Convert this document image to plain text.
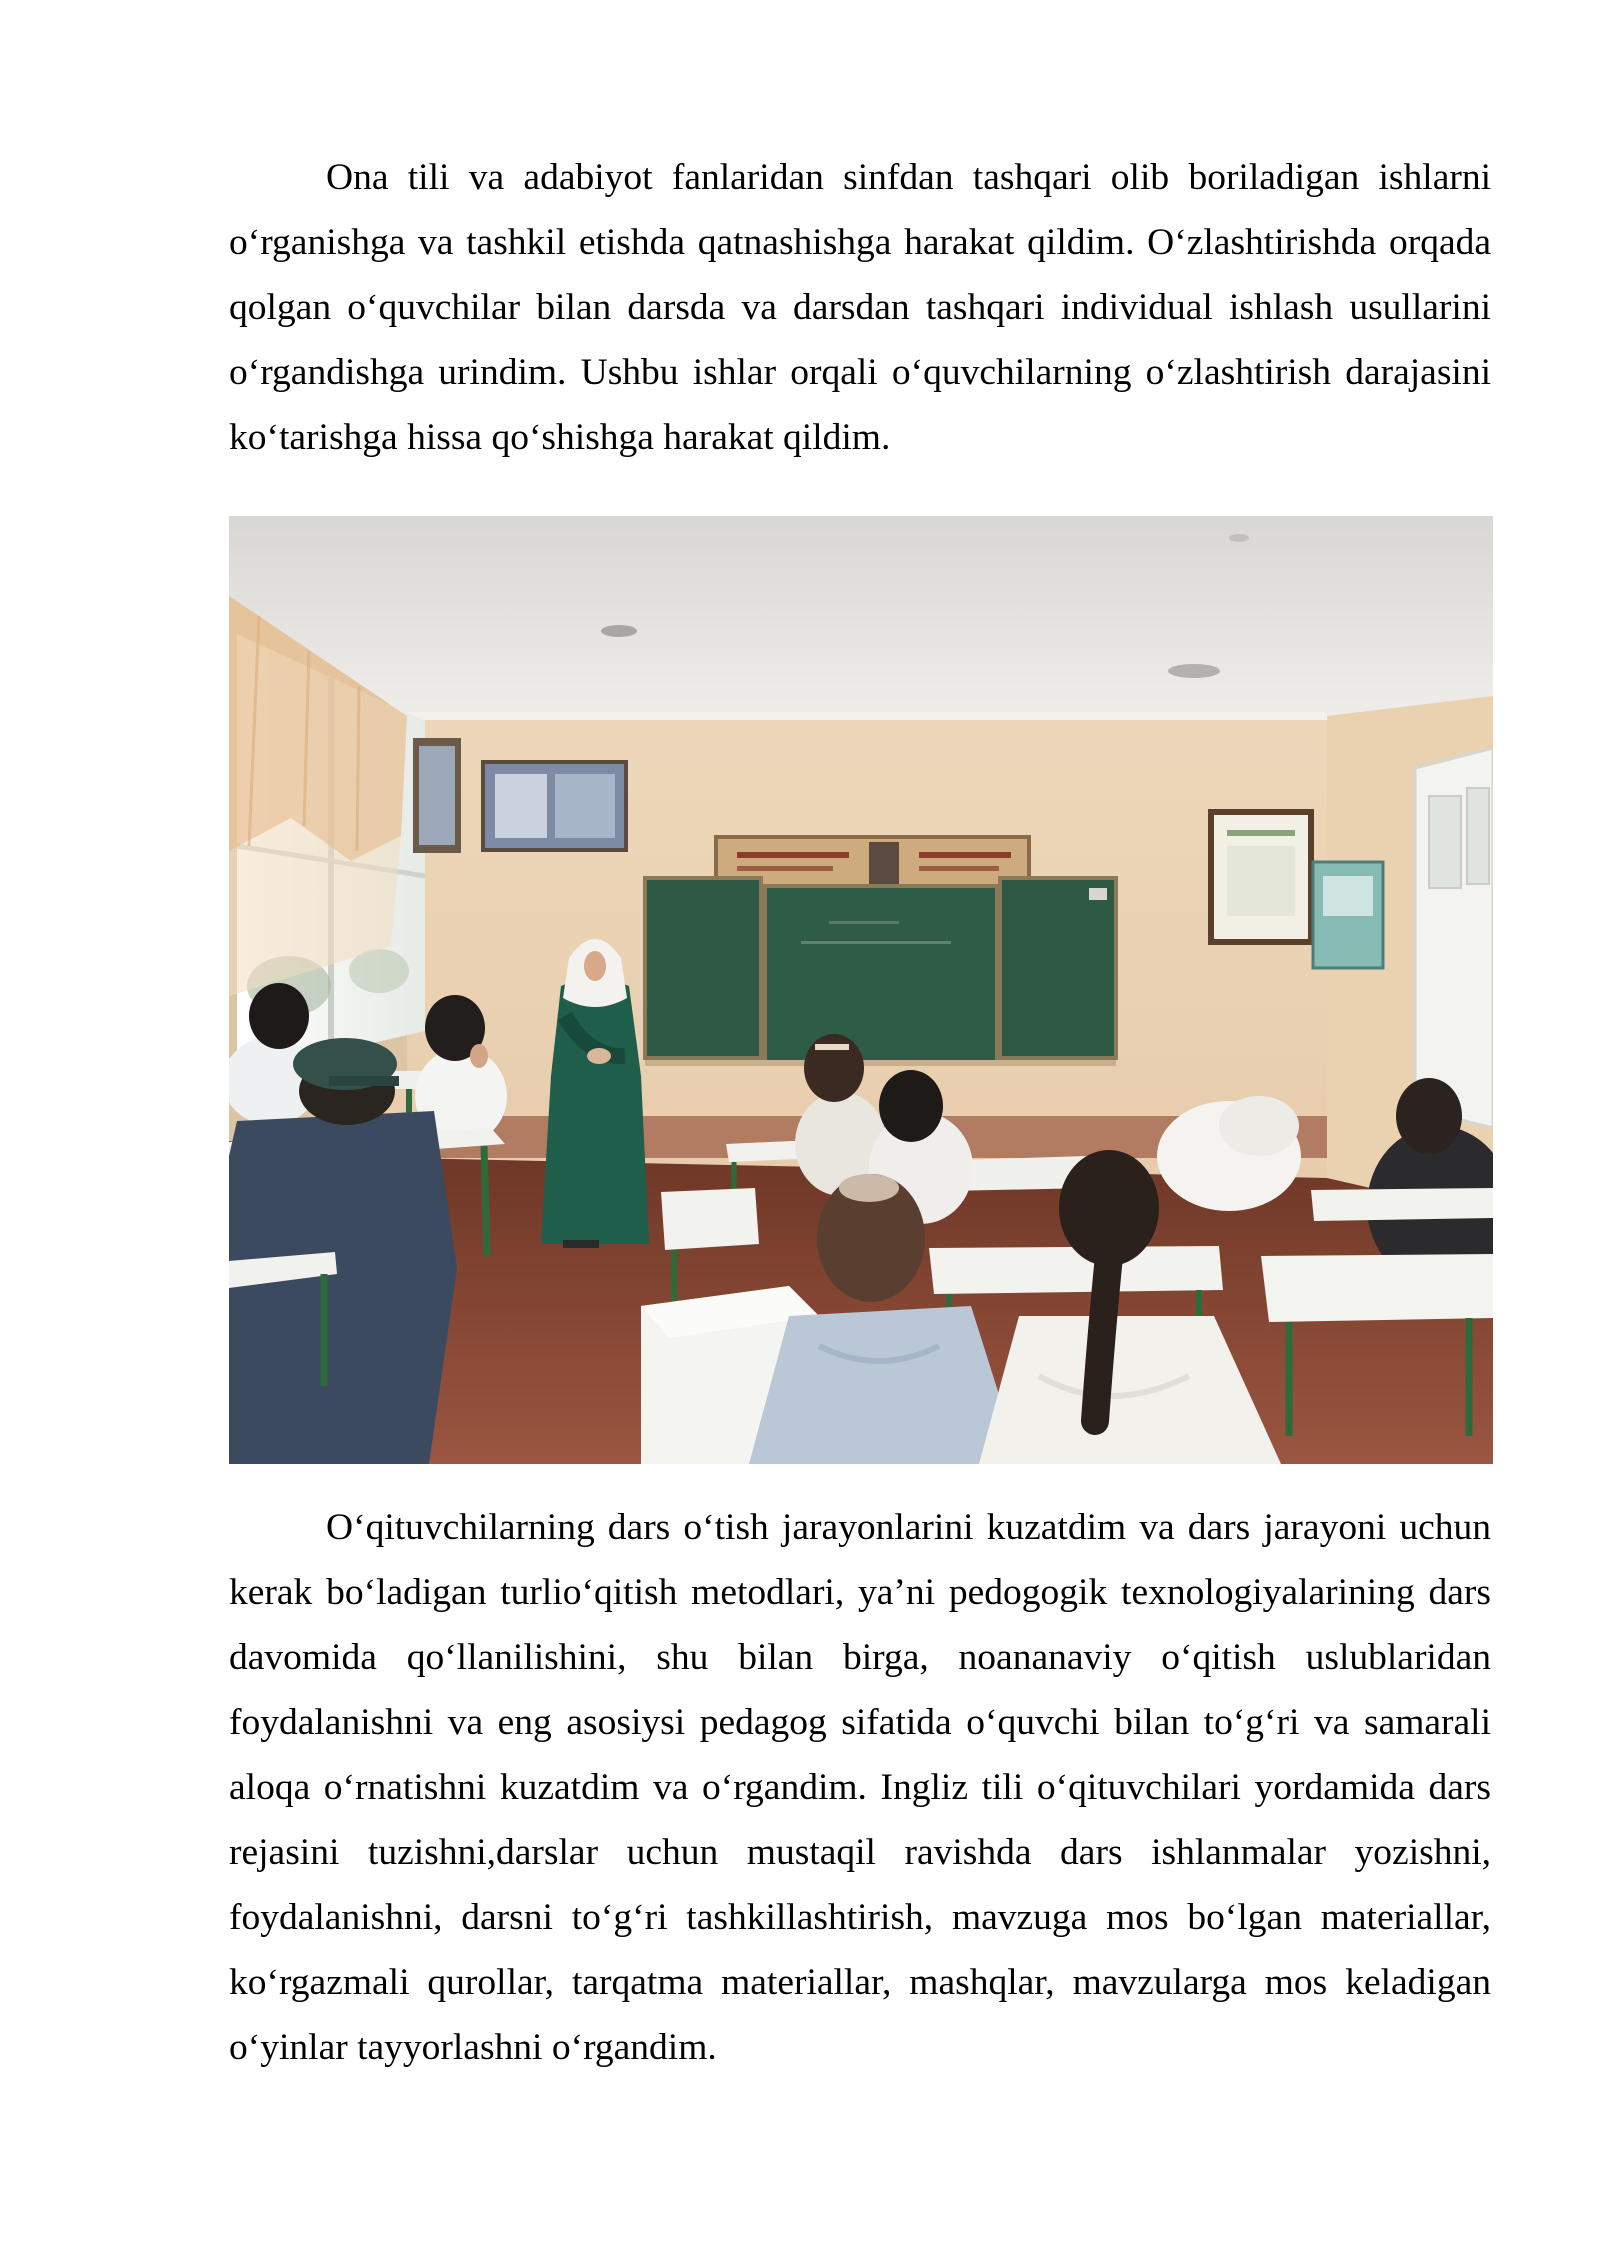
Ona tili va adabiyot fanlaridan sinfdan tashqari olib boriladigan ishlarni
o‘rganishga va tashkil etishda qatnashishga harakat qildim. O‘zlashtirishda orqada
qolgan o‘quvchilar bilan darsda va darsdan tashqari individual ishlash usullarini
o‘rgandishga urindim. Ushbu ishlar orqali o‘quvchilarning o‘zlashtirish darajasini
ko‘tarishga hissa qo‘shishga harakat qildim.
O‘qituvchilarning dars o‘tish jarayonlarini kuzatdim va dars jarayoni uchun
kerak bo‘ladigan turlio‘qitish metodlari, ya’ni pedogogik texnologiyalarining dars
davomida qo‘llanilishini, shu bilan birga, noananaviy o‘qitish uslublaridan
foydalanishni va eng asosiysi pedagog sifatida o‘quvchi bilan to‘g‘ri va samarali
aloqa o‘rnatishni kuzatdim va o‘rgandim. Ingliz tili o‘qituvchilari yordamida dars
rejasini tuzishni,darslar uchun mustaqil ravishda dars ishlanmalar yozishni,
foydalanishni, darsni to‘g‘ri tashkillashtirish, mavzuga mos bo‘lgan materiallar,
ko‘rgazmali qurollar, tarqatma materiallar, mashqlar, mavzularga mos keladigan
o‘yinlar tayyorlashni o‘rgandim.
